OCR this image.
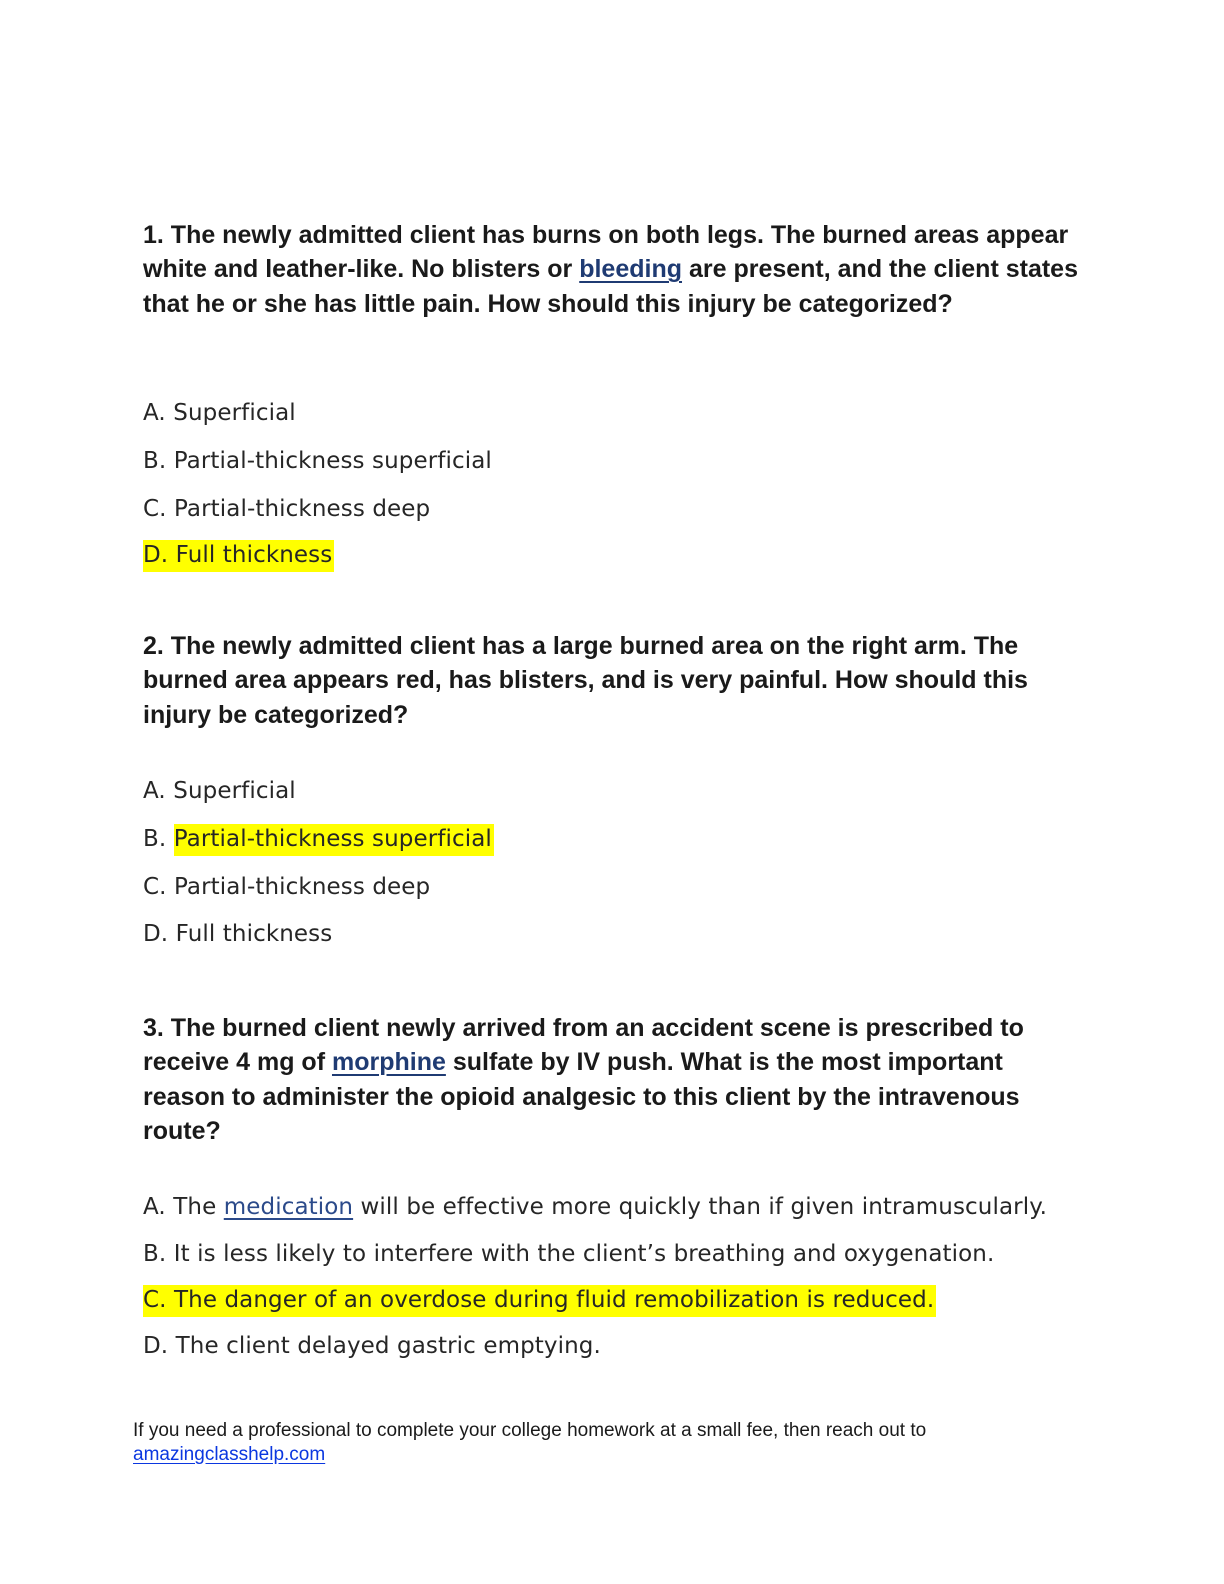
1. The newly admitted client has burns on both legs. The burned areas appear white and leather-like. No blisters or bleeding are present, and the client states that he or she has little pain. How should this injury be categorized?

A. Superficial
B. Partial-thickness superficial
C. Partial-thickness deep
D. Full thickness

2. The newly admitted client has a large burned area on the right arm. The burned area appears red, has blisters, and is very painful. How should this injury be categorized?

A. Superficial
B. Partial-thickness superficial
C. Partial-thickness deep
D. Full thickness

3. The burned client newly arrived from an accident scene is prescribed to receive 4 mg of morphine sulfate by IV push. What is the most important reason to administer the opioid analgesic to this client by the intravenous route?

A. The medication will be effective more quickly than if given intramuscularly.
B. It is less likely to interfere with the client’s breathing and oxygenation.
C. The danger of an overdose during fluid remobilization is reduced.
D. The client delayed gastric emptying.
If you need a professional to complete your college homework at a small fee, then reach out to
amazingclasshelp.com
